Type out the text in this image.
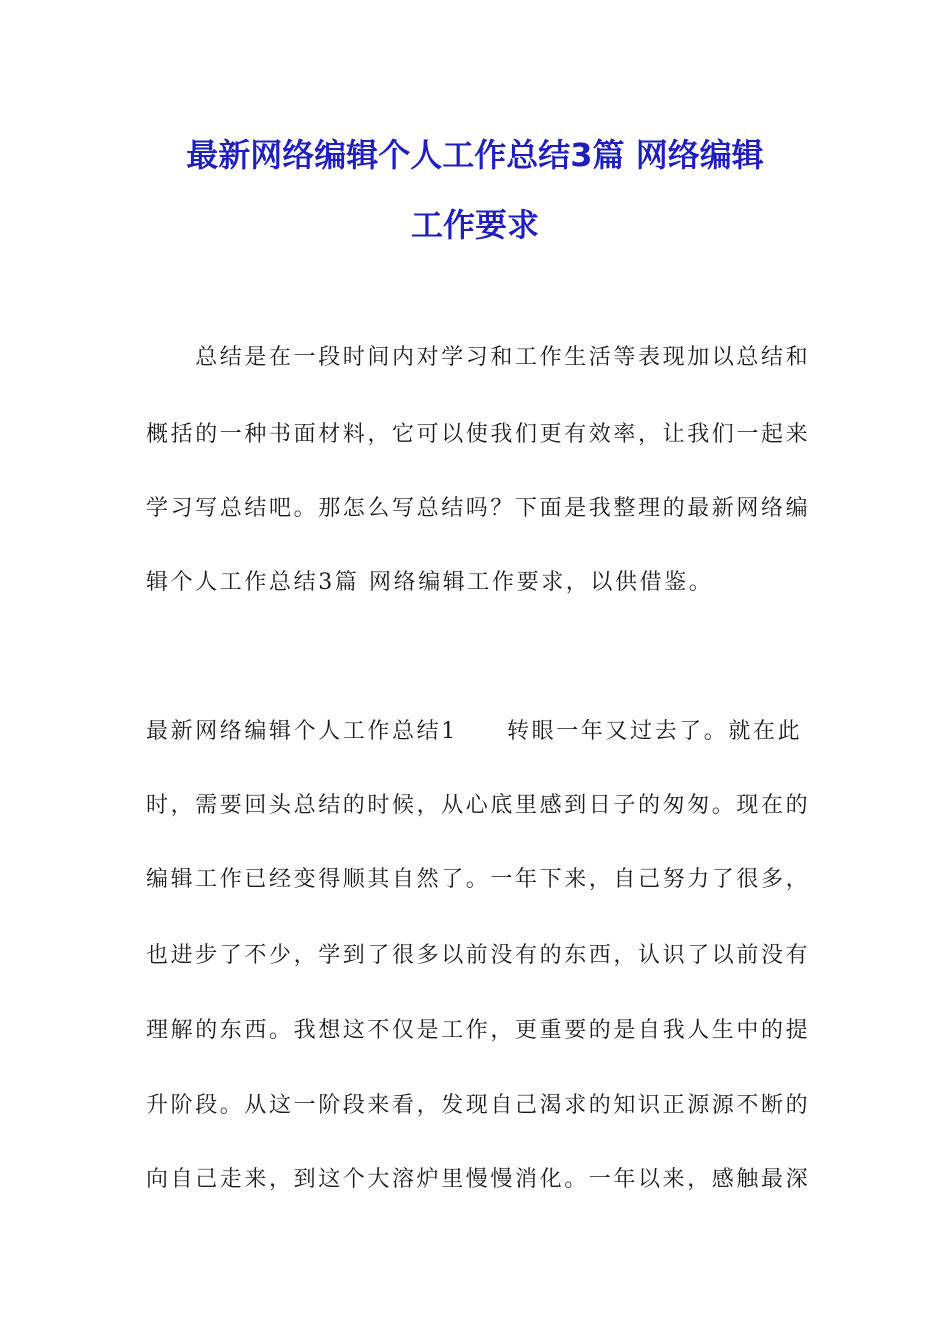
最新网络编辑个人工作总结3篇 网络编辑
工作要求
　　总结是在一段时间内对学习和工作生活等表现加以总结和
概括的一种书面材料，它可以使我们更有效率，让我们一起来
学习写总结吧。那怎么写总结吗？下面是我整理的最新网络编
辑个人工作总结3篇 网络编辑工作要求，以供借鉴。
最新网络编辑个人工作总结1　　转眼一年又过去了。就在此
时，需要回头总结的时候，从心底里感到日子的匆匆。现在的
编辑工作已经变得顺其自然了。一年下来，自己努力了很多，
也进步了不少，学到了很多以前没有的东西，认识了以前没有
理解的东西。我想这不仅是工作，更重要的是自我人生中的提
升阶段。从这一阶段来看，发现自己渴求的知识正源源不断的
向自己走来，到这个大溶炉里慢慢消化。一年以来，感触最深
